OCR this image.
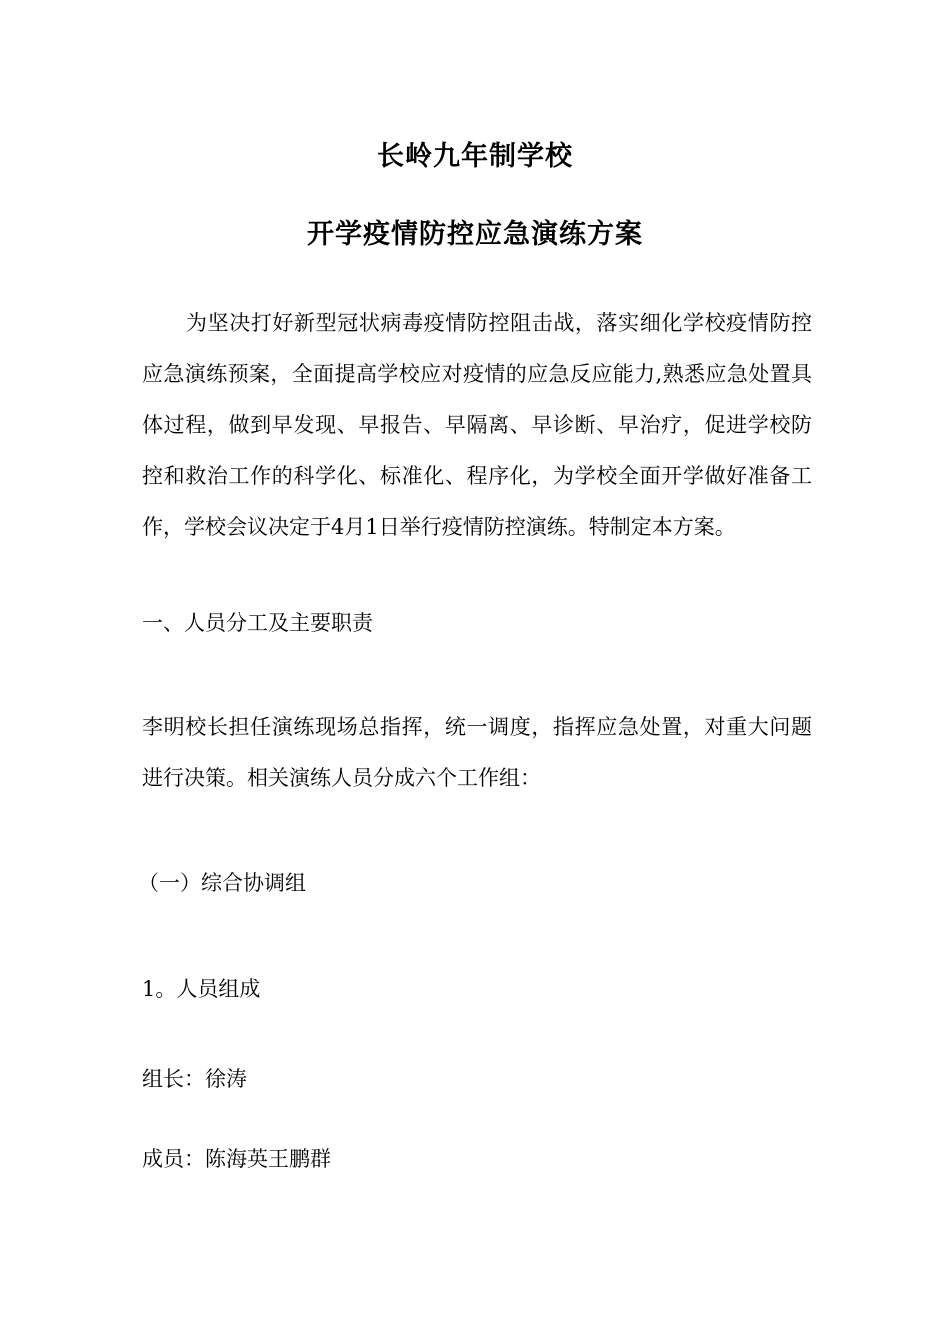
长岭九年制学校
开学疫情防控应急演练方案

为坚决打好新型冠状病毒疫情防控阻击战，落实细化学校疫情防控应急演练预案，全面提高学校应对疫情的应急反应能力,熟悉应急处置具体过程，做到早发现、早报告、早隔离、早诊断、早治疗，促进学校防控和救治工作的科学化、标准化、程序化，为学校全面开学做好准备工作，学校会议决定于4月1日举行疫情防控演练。特制定本方案。

一、人员分工及主要职责

李明校长担任演练现场总指挥，统一调度，指挥应急处置，对重大问题进行决策。相关演练人员分成六个工作组：

（一）综合协调组

1。人员组成

组长：徐涛

成员：陈海英王鹏群
